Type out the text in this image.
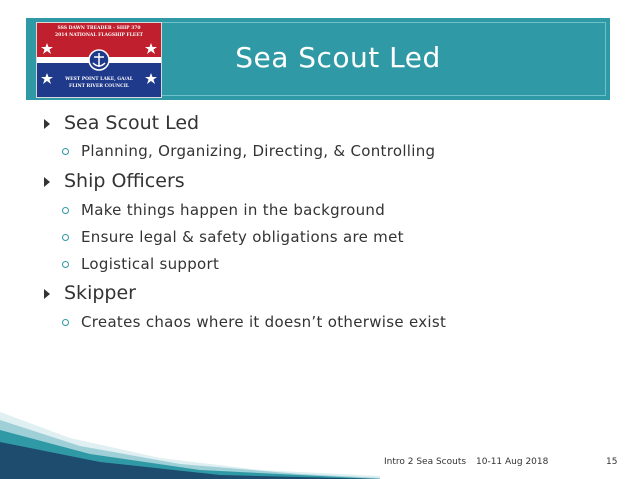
Sea Scout Led
SSS DAWN TREADER - SHIP 370
2014 NATIONAL FLAGSHIP FLEET
WEST POINT LAKE, GA/AL
FLINT RIVER COUNCIL
Sea Scout Led
Planning, Organizing, Directing, & Controlling
Ship Officers
Make things happen in the background
Ensure legal & safety obligations are met
Logistical support
Skipper
Creates chaos where it doesn’t otherwise exist
Intro 2 Sea Scouts 10-11 Aug 2018	15
